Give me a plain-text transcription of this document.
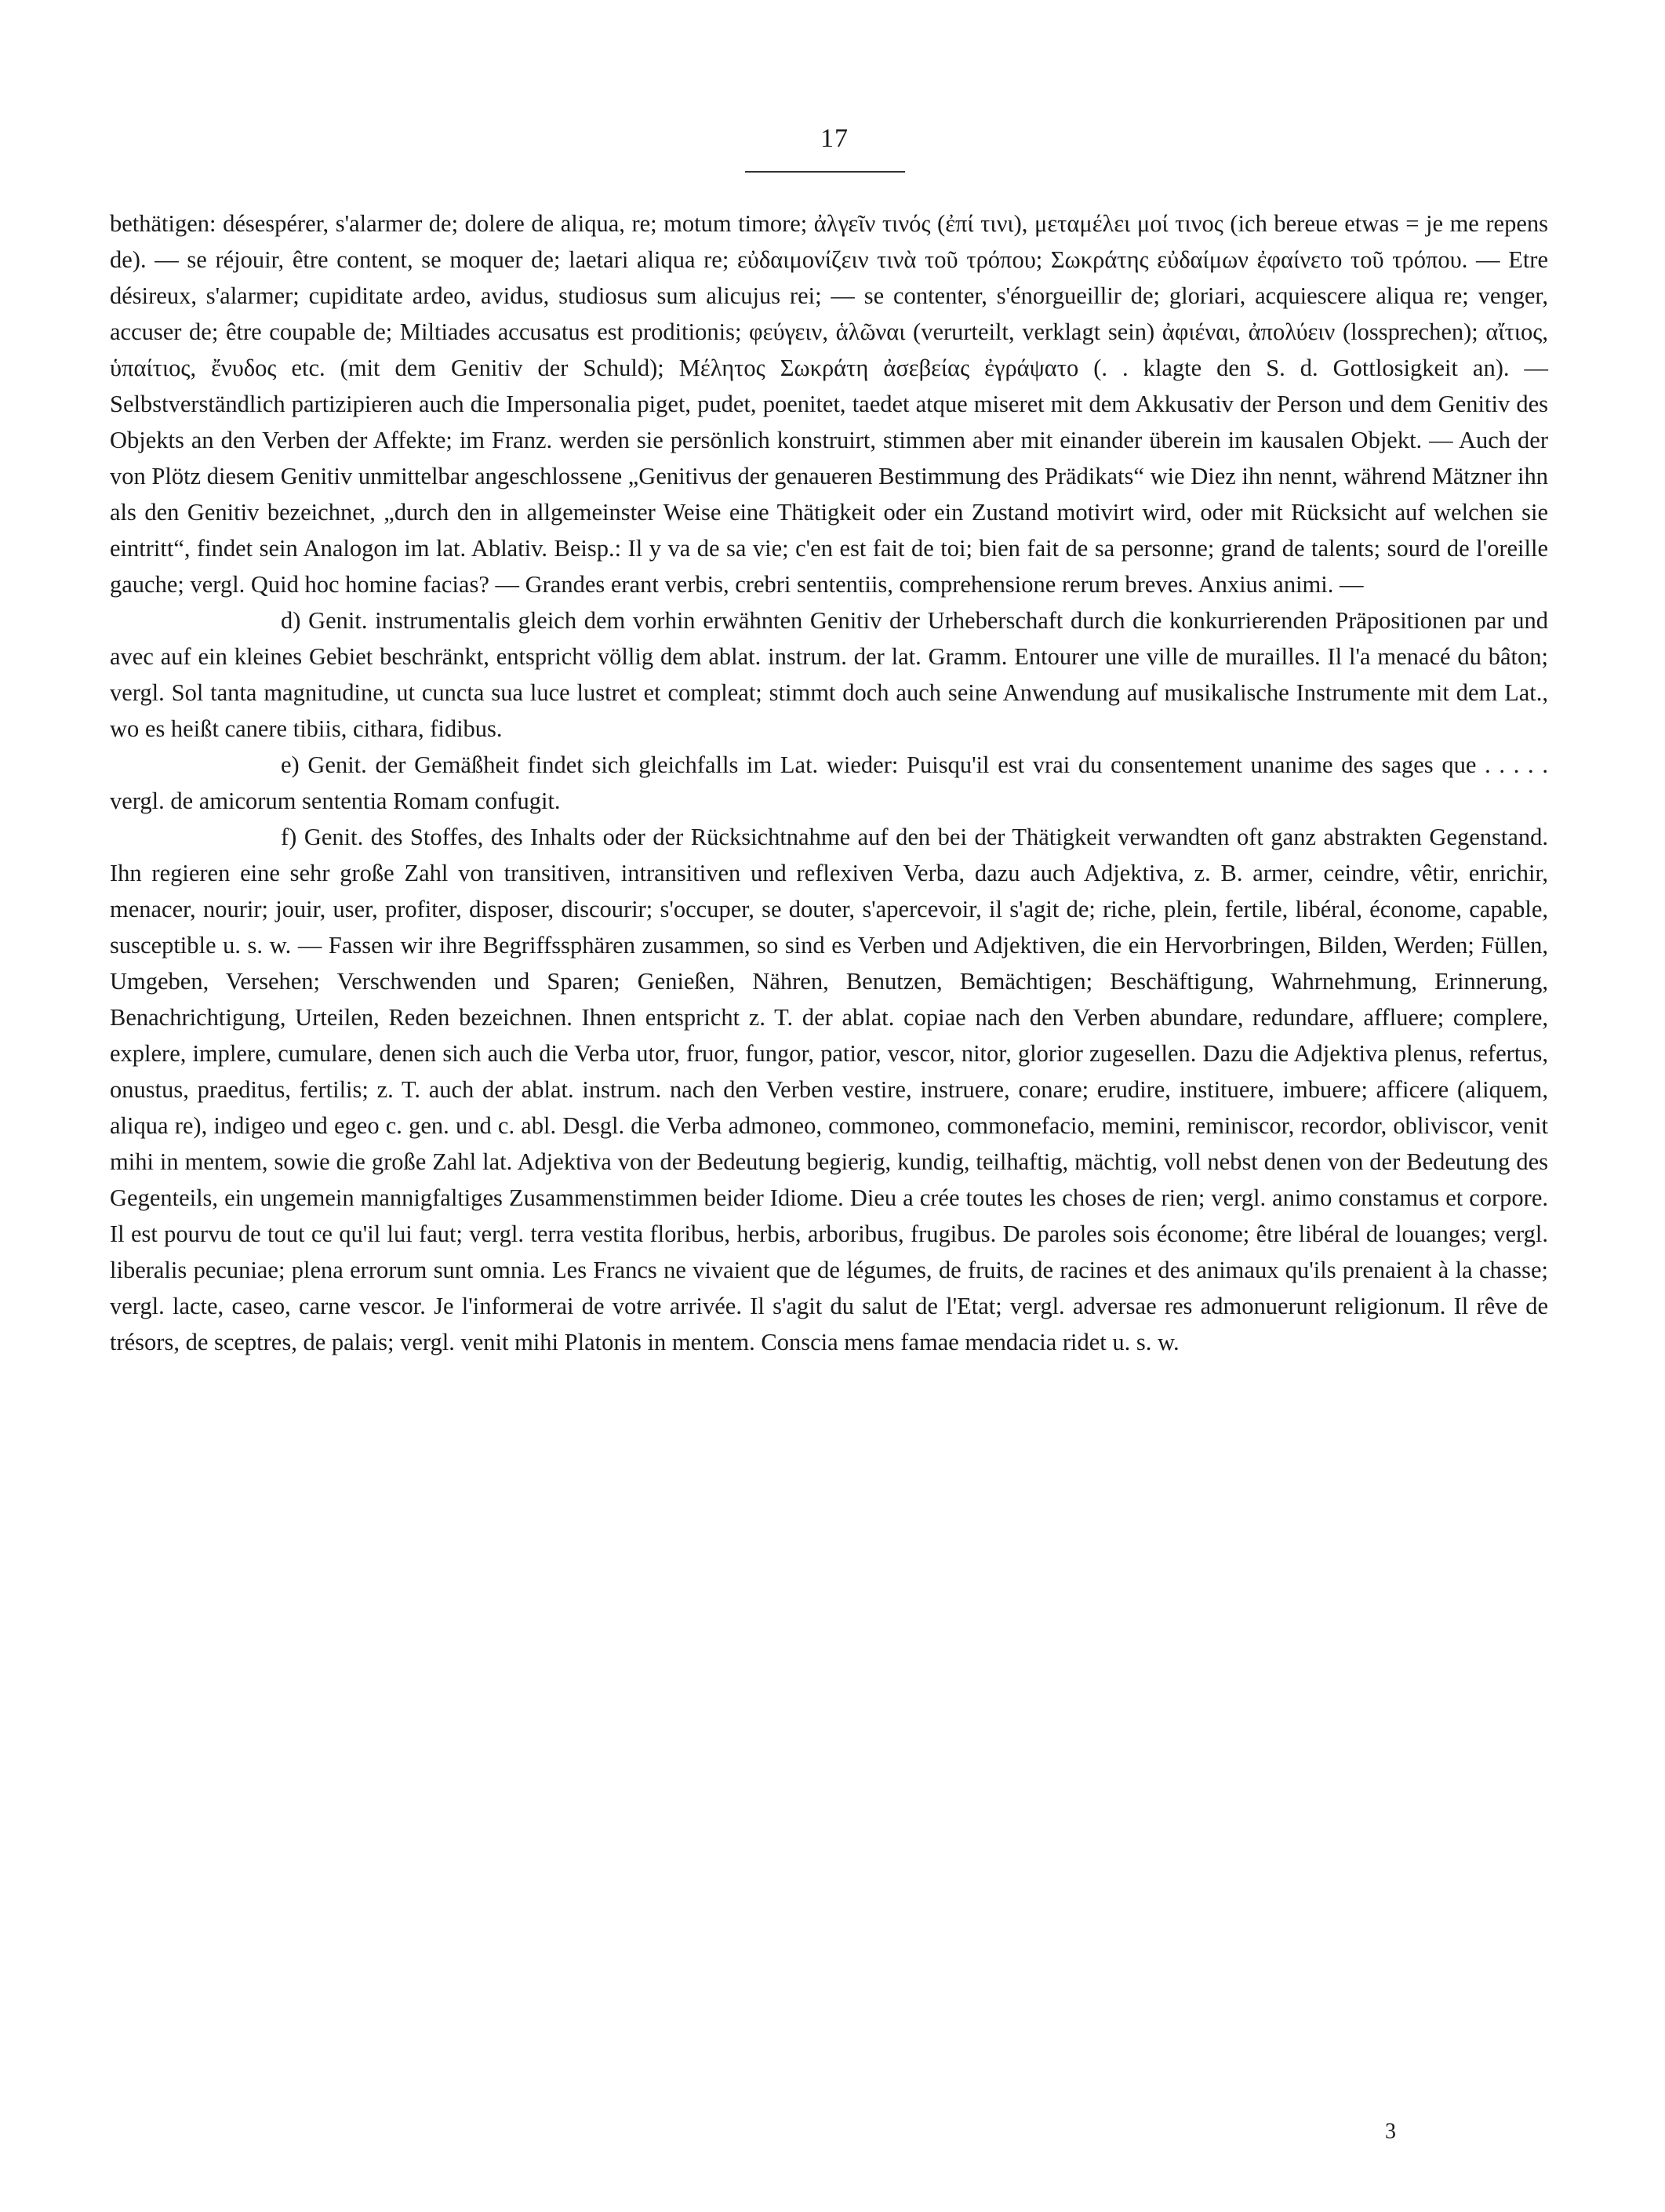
17

bethätigen: désespérer, s'alarmer de; dolere de aliqua, re; motum timore; ἀλγεῖν τινός (ἐπί τινι), μεταμέλει μοί τινος (ich bereue etwas = je me repens de). — se réjouir, être content, se moquer de; laetari aliqua re; εὐδαιμονίζειν τινὰ τοῦ τρόπου; Σωκράτης εὐδαίμων ἐφαίνετο τοῦ τρόπου. — Etre désireux, s'alarmer; cupiditate ardeo, avidus, studiosus sum alicujus rei; — se contenter, s'énorgueillir de; gloriari, acquiescere aliqua re; venger, accuser de; être coupable de; Miltiades accusatus est proditionis; φεύγειν, ἁλῶναι (verurteilt, verklagt sein) ἀφιέναι, ἀπολύειν (lossprechen); αἴτιος, ὑπαίτιος, ἔνυδος etc. (mit dem Genitiv der Schuld); Μέλητος Σωκράτη ἀσεβείας ἐγράψατο (. . klagte den S. d. Gottlosigkeit an). — Selbstverständlich partizipieren auch die Impersonalia piget, pudet, poenitet, taedet atque miseret mit dem Akkusativ der Person und dem Genitiv des Objekts an den Verben der Affekte; im Franz. werden sie persönlich konstruirt, stimmen aber mit einander überein im kausalen Objekt. — Auch der von Plötz diesem Genitiv unmittelbar angeschlossene „Genitivus der genaueren Bestimmung des Prädikats“ wie Diez ihn nennt, während Mätzner ihn als den Genitiv bezeichnet, „durch den in allgemeinster Weise eine Thätigkeit oder ein Zustand motivirt wird, oder mit Rücksicht auf welchen sie eintritt“, findet sein Analogon im lat. Ablativ. Beisp.: Il y va de sa vie; c'en est fait de toi; bien fait de sa personne; grand de talents; sourd de l'oreille gauche; vergl. Quid hoc homine facias? — Grandes erant verbis, crebri sententiis, comprehensione rerum breves. Anxius animi. —

d) Genit. instrumentalis gleich dem vorhin erwähnten Genitiv der Urheberschaft durch die konkurrierenden Präpositionen par und avec auf ein kleines Gebiet beschränkt, entspricht völlig dem ablat. instrum. der lat. Gramm. Entourer une ville de murailles. Il l'a menacé du bâton; vergl. Sol tanta magnitudine, ut cuncta sua luce lustret et compleat; stimmt doch auch seine Anwendung auf musikalische Instrumente mit dem Lat., wo es heißt canere tibiis, cithara, fidibus.

e) Genit. der Gemäßheit findet sich gleichfalls im Lat. wieder: Puisqu'il est vrai du consentement unanime des sages que . . . . . vergl. de amicorum sententia Romam confugit.

f) Genit. des Stoffes, des Inhalts oder der Rücksichtnahme auf den bei der Thätigkeit verwandten oft ganz abstrakten Gegenstand. Ihn regieren eine sehr große Zahl von transitiven, intransitiven und reflexiven Verba, dazu auch Adjektiva, z. B. armer, ceindre, vêtir, enrichir, menacer, nourir; jouir, user, profiter, disposer, discourir; s'occuper, se douter, s'apercevoir, il s'agit de; riche, plein, fertile, libéral, économe, capable, susceptible u. s. w. — Fassen wir ihre Begriffssphären zusammen, so sind es Verben und Adjektiven, die ein Hervorbringen, Bilden, Werden; Füllen, Umgeben, Versehen; Verschwenden und Sparen; Genießen, Nähren, Benutzen, Bemächtigen; Beschäftigung, Wahrnehmung, Erinnerung, Benachrichtigung, Urteilen, Reden bezeichnen. Ihnen entspricht z. T. der ablat. copiae nach den Verben abundare, redundare, affluere; complere, explere, implere, cumulare, denen sich auch die Verba utor, fruor, fungor, patior, vescor, nitor, glorior zugesellen. Dazu die Adjektiva plenus, refertus, onustus, praeditus, fertilis; z. T. auch der ablat. instrum. nach den Verben vestire, instruere, conare; erudire, instituere, imbuere; afficere (aliquem, aliqua re), indigeo und egeo c. gen. und c. abl. Desgl. die Verba admoneo, commoneo, commonefacio, memini, reminiscor, recordor, obliviscor, venit mihi in mentem, sowie die große Zahl lat. Adjektiva von der Bedeutung begierig, kundig, teilhaftig, mächtig, voll nebst denen von der Bedeutung des Gegenteils, ein ungemein mannigfaltiges Zusammenstimmen beider Idiome. Dieu a crée toutes les choses de rien; vergl. animo constamus et corpore. Il est pourvu de tout ce qu'il lui faut; vergl. terra vestita floribus, herbis, arboribus, frugibus. De paroles sois économe; être libéral de louanges; vergl. liberalis pecuniae; plena errorum sunt omnia. Les Francs ne vivaient que de légumes, de fruits, de racines et des animaux qu'ils prenaient à la chasse; vergl. lacte, caseo, carne vescor. Je l'informerai de votre arrivée. Il s'agit du salut de l'Etat; vergl. adversae res admonuerunt religionum. Il rêve de trésors, de sceptres, de palais; vergl. venit mihi Platonis in mentem. Conscia mens famae mendacia ridet u. s. w.

3
